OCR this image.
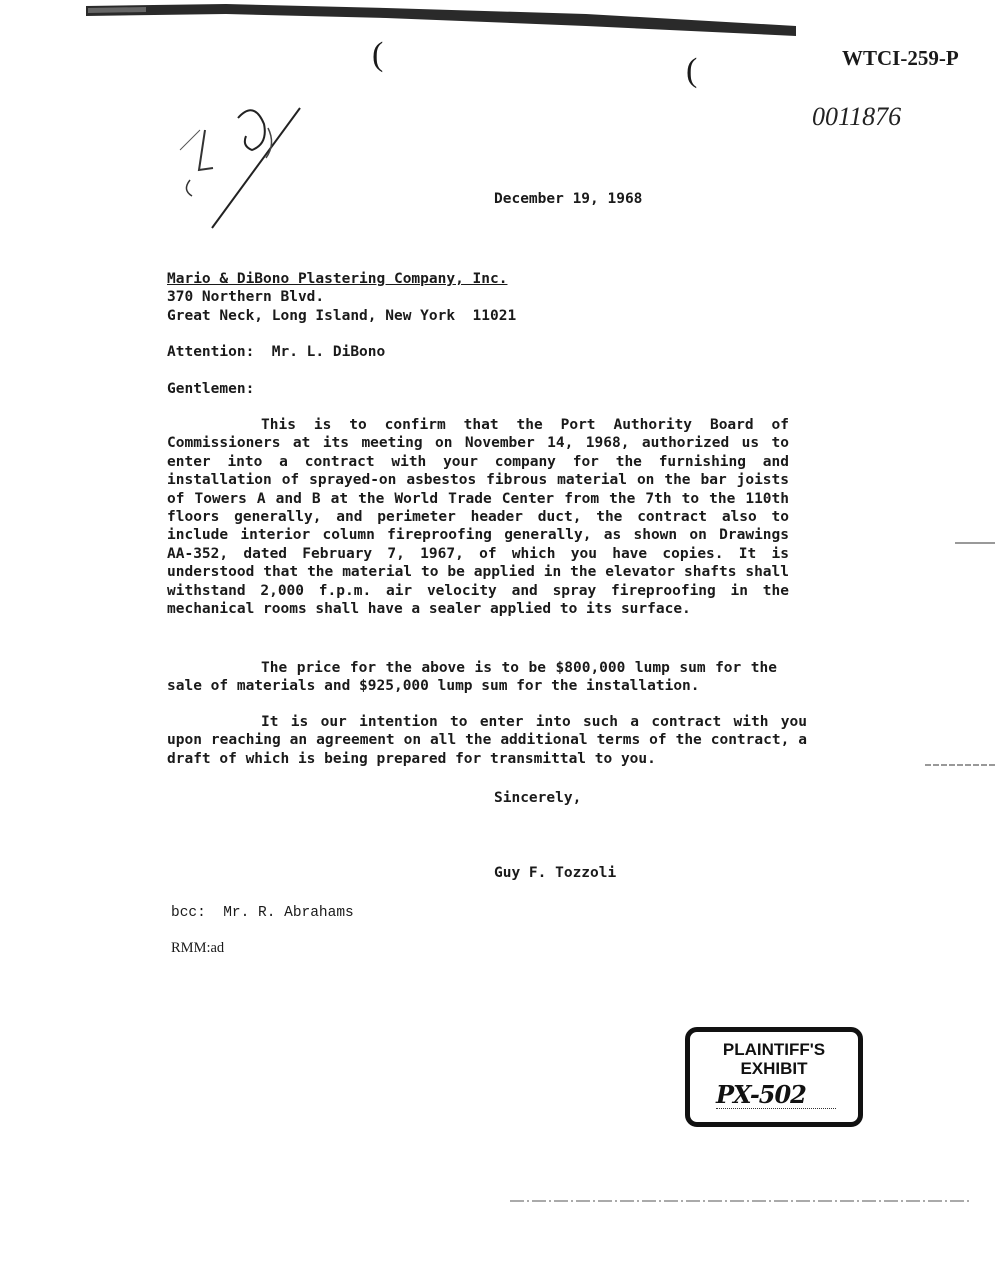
(	(	WTCI-259-P
0011876
December 19, 1968
Mario & DiBono Plastering Company, Inc.
370 Northern Blvd.
Great Neck, Long Island, New York  11021
Attention:  Mr. L. DiBono
Gentlemen:
This is to confirm that the Port Authority Board of Commissioners at its meeting on November 14, 1968, authorized us to enter into a contract with your company for the furnishing and installation of sprayed-on asbestos fibrous material on the bar joists of Towers A and B at the World Trade Center from the 7th to the 110th floors generally, and perimeter header duct, the contract also to include interior column fireproofing generally, as shown on Drawings AA-352, dated February 7, 1967, of which you have copies. It is understood that the material to be applied in the elevator shafts shall withstand 2,000 f.p.m. air velocity and spray fireproofing in the mechanical rooms shall have a sealer applied to its surface.
The price for the above is to be $800,000 lump sum for the sale of materials and $925,000 lump sum for the installation.
It is our intention to enter into such a contract with you upon reaching an agreement on all the additional terms of the contract, a draft of which is being prepared for transmittal to you.
Sincerely,
Guy F. Tozzoli
bcc:  Mr. R. Abrahams
RMM:ad
PLAINTIFF'S
EXHIBIT
PX-502
